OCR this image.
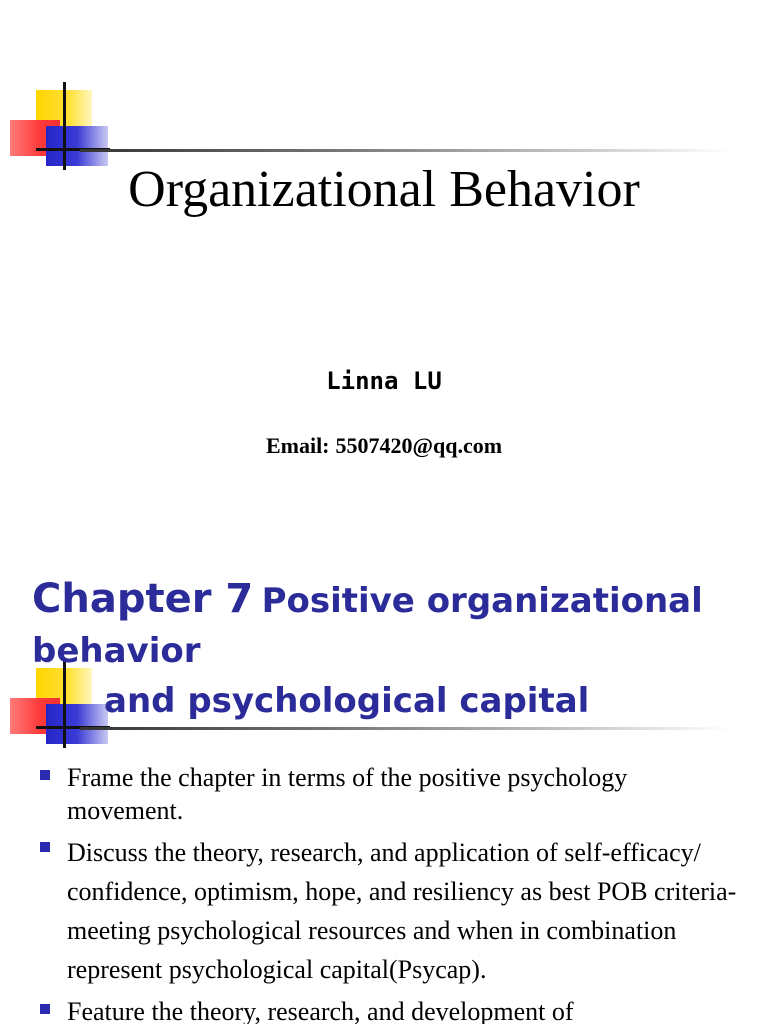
Organizational Behavior
Linna LU
Email: 5507420@qq.com
Chapter 7 Positive organizational behavior
and psychological capital
Frame the chapter in terms of the positive psychology movement.
Discuss the theory, research, and application of self-efficacy/ confidence, optimism, hope, and resiliency as best POB criteria-meeting psychological resources and when in combination represent psychological capital(Psycap).
Feature the theory, research, and development of
